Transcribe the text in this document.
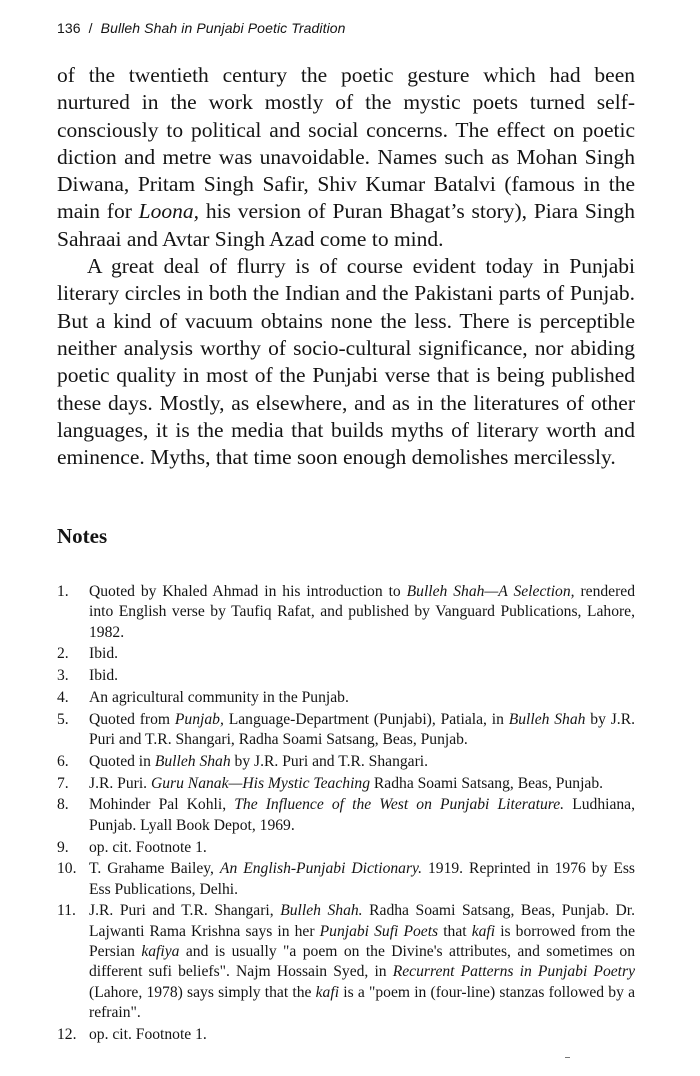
136 / Bulleh Shah in Punjabi Poetic Tradition

of the twentieth century the poetic gesture which had been nurtured in the work mostly of the mystic poets turned self-consciously to political and social concerns. The effect on poetic diction and metre was unavoidable. Names such as Mohan Singh Diwana, Pritam Singh Safir, Shiv Kumar Batalvi (famous in the main for Loona, his version of Puran Bhagat’s story), Piara Singh Sahraai and Avtar Singh Azad come to mind.

A great deal of flurry is of course evident today in Punjabi literary circles in both the Indian and the Pakistani parts of Punjab. But a kind of vacuum obtains none the less. There is perceptible neither analysis worthy of socio-cultural significance, nor abiding poetic quality in most of the Punjabi verse that is being published these days. Mostly, as elsewhere, and as in the literatures of other languages, it is the media that builds myths of literary worth and eminence. Myths, that time soon enough demolishes mercilessly.

Notes
1. Quoted by Khaled Ahmad in his introduction to Bulleh Shah—A Selection, rendered into English verse by Taufiq Rafat, and published by Vanguard Publications, Lahore, 1982.
2. Ibid.
3. Ibid.
4. An agricultural community in the Punjab.
5. Quoted from Punjab, Language-Department (Punjabi), Patiala, in Bulleh Shah by J.R. Puri and T.R. Shangari, Radha Soami Satsang, Beas, Punjab.
6. Quoted in Bulleh Shah by J.R. Puri and T.R. Shangari.
7. J.R. Puri. Guru Nanak—His Mystic Teaching Radha Soami Satsang, Beas, Punjab.
8. Mohinder Pal Kohli, The Influence of the West on Punjabi Literature. Ludhiana, Punjab. Lyall Book Depot, 1969.
9. op. cit. Footnote 1.
10. T. Grahame Bailey, An English-Punjabi Dictionary. 1919. Reprinted in 1976 by Ess Ess Publications, Delhi.
11. J.R. Puri and T.R. Shangari, Bulleh Shah. Radha Soami Satsang, Beas, Punjab. Dr. Lajwanti Rama Krishna says in her Punjabi Sufi Poets that kafi is borrowed from the Persian kafiya and is usually "a poem on the Divine's attributes, and sometimes on different sufi beliefs". Najm Hossain Syed, in Recurrent Patterns in Punjabi Poetry (Lahore, 1978) says simply that the kafi is a "poem in (four-line) stanzas followed by a refrain".
12. op. cit. Footnote 1.
